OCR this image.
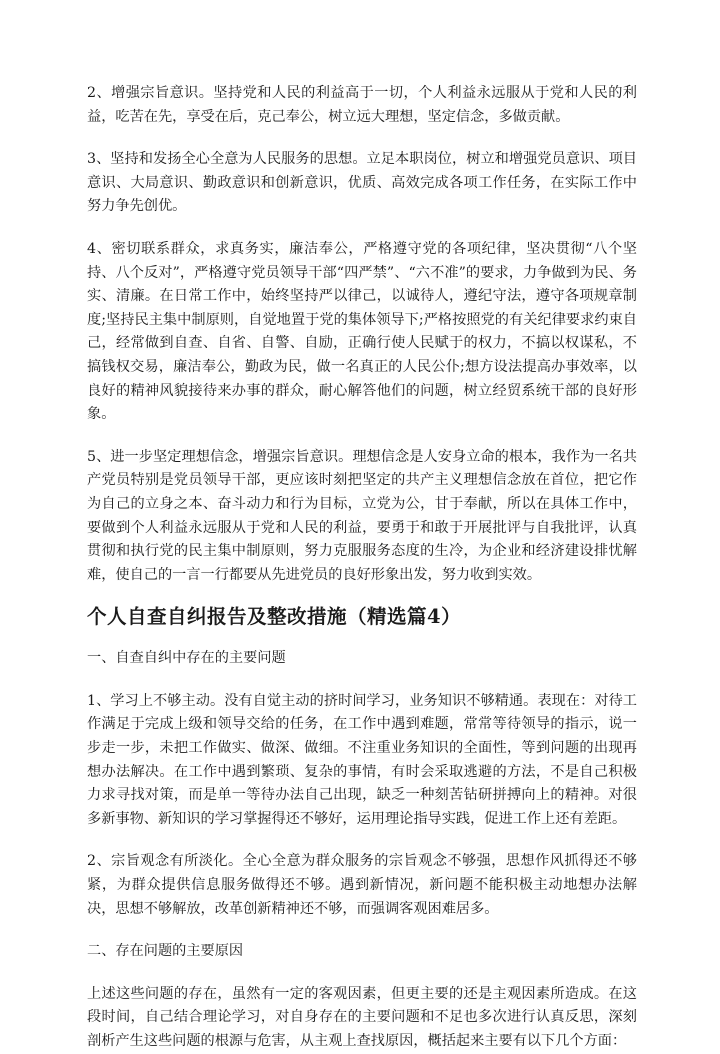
2、增强宗旨意识。坚持党和人民的利益高于一切，个人利益永远服从于党和人民的利益，吃苦在先，享受在后，克己奉公，树立远大理想，坚定信念，多做贡献。

3、坚持和发扬全心全意为人民服务的思想。立足本职岗位，树立和增强党员意识、项目意识、大局意识、勤政意识和创新意识，优质、高效完成各项工作任务，在实际工作中努力争先创优。

4、密切联系群众，求真务实，廉洁奉公，严格遵守党的各项纪律，坚决贯彻“八个坚持、八个反对”，严格遵守党员领导干部“四严禁”、“六不准”的要求，力争做到为民、务实、清廉。在日常工作中，始终坚持严以律己，以诚待人，遵纪守法，遵守各项规章制度;坚持民主集中制原则，自觉地置于党的集体领导下;严格按照党的有关纪律要求约束自己，经常做到自查、自省、自警、自励，正确行使人民赋于的权力，不搞以权谋私，不搞钱权交易，廉洁奉公，勤政为民，做一名真正的人民公仆;想方设法提高办事效率，以良好的精神风貌接待来办事的群众，耐心解答他们的问题，树立经贸系统干部的良好形象。

5、进一步坚定理想信念，增强宗旨意识。理想信念是人安身立命的根本，我作为一名共产党员特别是党员领导干部，更应该时刻把坚定的共产主义理想信念放在首位，把它作为自己的立身之本、奋斗动力和行为目标，立党为公，甘于奉献，所以在具体工作中，要做到个人利益永远服从于党和人民的利益，要勇于和敢于开展批评与自我批评，认真贯彻和执行党的民主集中制原则，努力克服服务态度的生冷，为企业和经济建设排忧解难，使自己的一言一行都要从先进党员的良好形象出发，努力收到实效。

个人自查自纠报告及整改措施（精选篇4）

一、自查自纠中存在的主要问题

1、学习上不够主动。没有自觉主动的挤时间学习，业务知识不够精通。表现在：对待工作满足于完成上级和领导交给的任务，在工作中遇到难题，常常等待领导的指示，说一步走一步，未把工作做实、做深、做细。不注重业务知识的全面性，等到问题的出现再想办法解决。在工作中遇到繁琐、复杂的事情，有时会采取逃避的方法，不是自己积极力求寻找对策，而是单一等待办法自己出现，缺乏一种刻苦钻研拼搏向上的精神。对很多新事物、新知识的学习掌握得还不够好，运用理论指导实践，促进工作上还有差距。

2、宗旨观念有所淡化。全心全意为群众服务的宗旨观念不够强，思想作风抓得还不够紧，为群众提供信息服务做得还不够。遇到新情况，新问题不能积极主动地想办法解决，思想不够解放，改革创新精神还不够，而强调客观困难居多。

二、存在问题的主要原因

上述这些问题的存在，虽然有一定的客观因素，但更主要的还是主观因素所造成。在这段时间，自己结合理论学习，对自身存在的主要问题和不足也多次进行认真反思，深刻剖析产生这些问题的根源与危害，从主观上查找原因，概括起来主要有以下几个方面：
